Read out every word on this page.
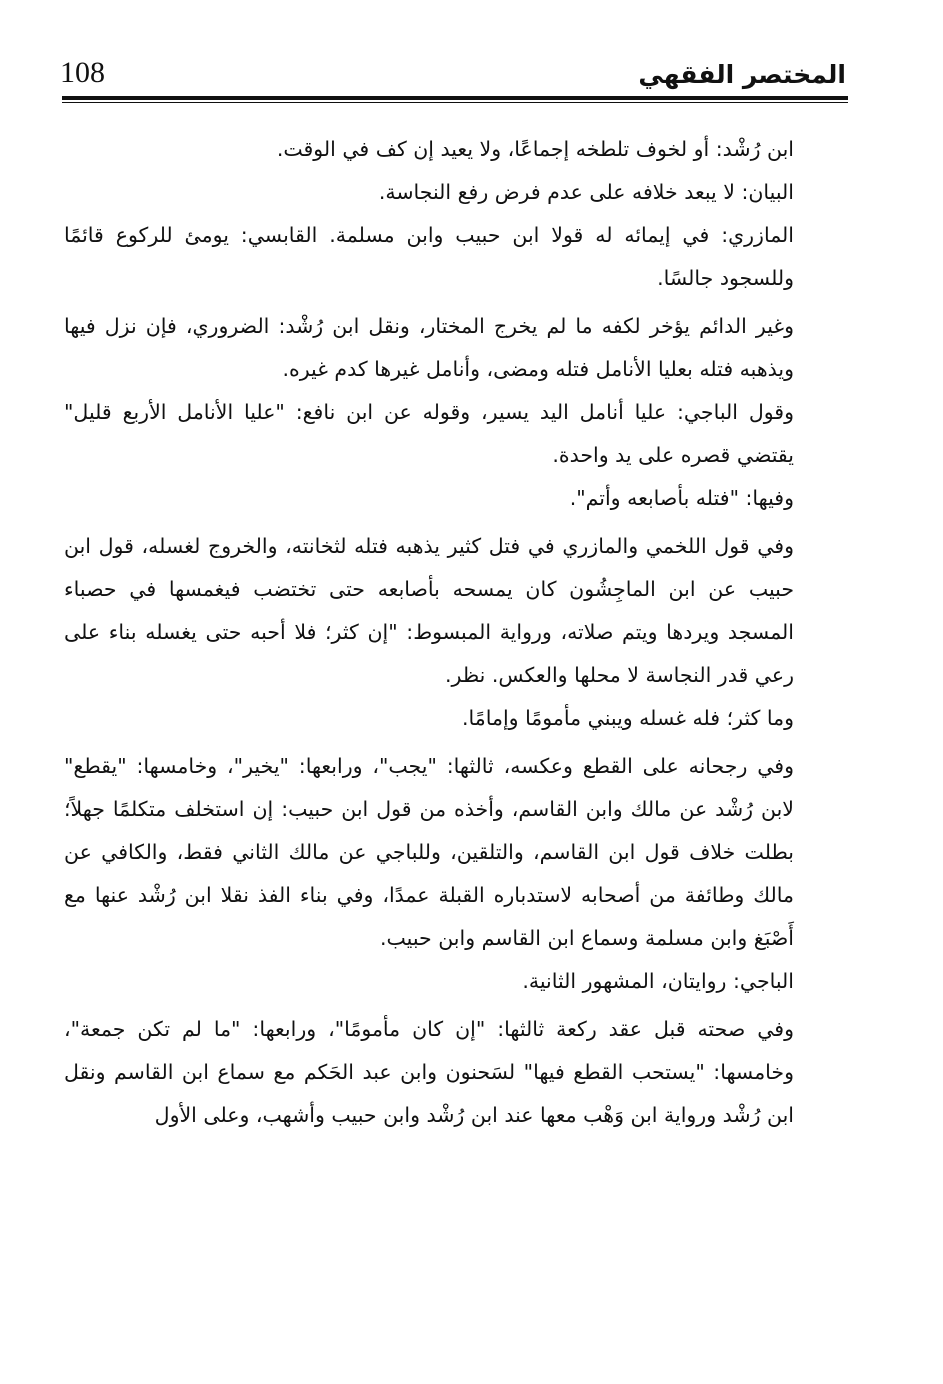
108	المختصر الفقهي

ابن رُشْد: أو لخوف تلطخه إجماعًا، ولا يعيد إن كف في الوقت.

البيان: لا يبعد خلافه على عدم فرض رفع النجاسة.

المازري: في إيمائه له قولا ابن حبيب وابن مسلمة. القابسي: يومئ للركوع قائمًا وللسجود جالسًا.

وغير الدائم يؤخر لكفه ما لم يخرج المختار، ونقل ابن رُشْد: الضروري، فإن نزل فيها ويذهبه فتله بعليا الأنامل فتله ومضى، وأنامل غيرها كدم غيره.

وقول الباجي: عليا أنامل اليد يسير، وقوله عن ابن نافع: "عليا الأنامل الأربع قليل" يقتضي قصره على يد واحدة.

وفيها: "فتله بأصابعه وأتم".

وفي قول اللخمي والمازري في فتل كثير يذهبه فتله لثخانته، والخروج لغسله، قول ابن حبيب عن ابن الماجِشُون كان يمسحه بأصابعه حتى تختضب فيغمسها في حصباء المسجد ويردها ويتم صلاته، ورواية المبسوط: "إن كثر؛ فلا أحبه حتى يغسله بناء على رعي قدر النجاسة لا محلها والعكس. نظر.

وما كثر؛ فله غسله ويبني مأمومًا وإمامًا.

وفي رجحانه على القطع وعكسه، ثالثها: "يجب"، ورابعها: "يخير"، وخامسها: "يقطع" لابن رُشْد عن مالك وابن القاسم، وأخذه من قول ابن حبيب: إن استخلف متكلمًا جهلاً؛ بطلت خلاف قول ابن القاسم، والتلقين، وللباجي عن مالك الثاني فقط، والكافي عن مالك وطائفة من أصحابه لاستدباره القبلة عمدًا، وفي بناء الفذ نقلا ابن رُشْد عنها مع أَصْبَغ وابن مسلمة وسماع ابن القاسم وابن حبيب.

الباجي: روايتان، المشهور الثانية.

وفي صحته قبل عقد ركعة ثالثها: "إن كان مأمومًا"، ورابعها: "ما لم تكن جمعة"، وخامسها: "يستحب القطع فيها" لسَحنون وابن عبد الحَكم مع سماع ابن القاسم ونقل ابن رُشْد ورواية ابن وَهْب معها عند ابن رُشْد وابن حبيب وأشهب، وعلى الأول
